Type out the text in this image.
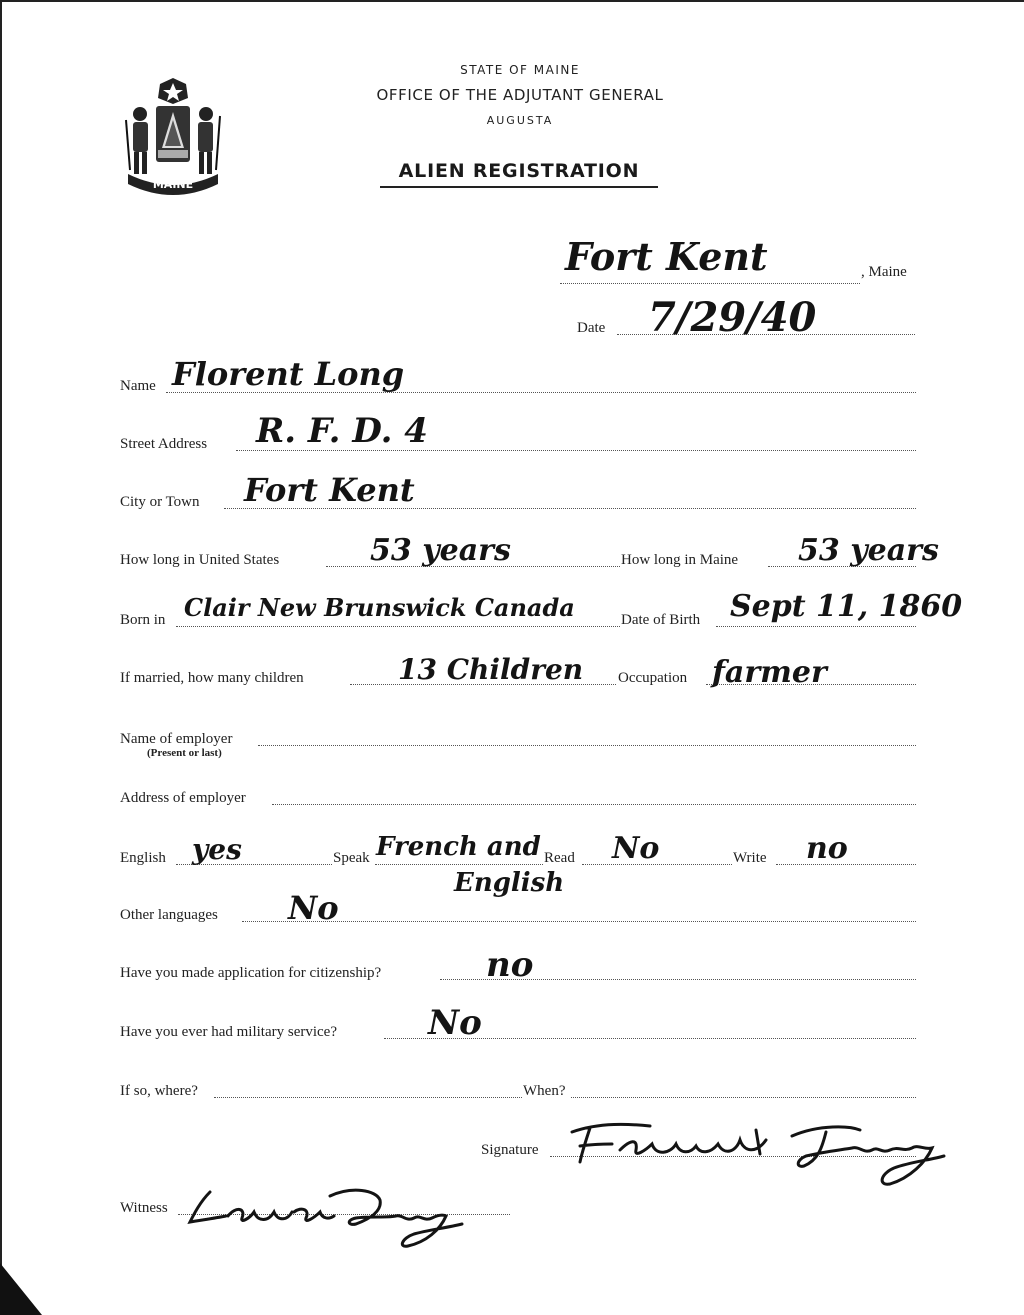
MAINE
STATE OF MAINE
OFFICE OF THE ADJUTANT GENERAL
AUGUSTA
ALIEN REGISTRATION
Fort Kent	, Maine
Date 7/29/40
Name Florent Long
Street Address R. F. D. 4
City or Town Fort Kent
How long in United States	53 years	How long in Maine 53 years
Born in Clair New Brunswick Canada	Date of Birth Sept 11, 1860
If married, how many children	13 Children Occupation farmer
Name of employer
(Present or last)
Address of employer
English yes	Speak French and
English
Read No	Write no
Other languages No
Have you made application for citizenship?	no
Have you ever had military service?	No
If so, where?	When?
Signature
Witness
